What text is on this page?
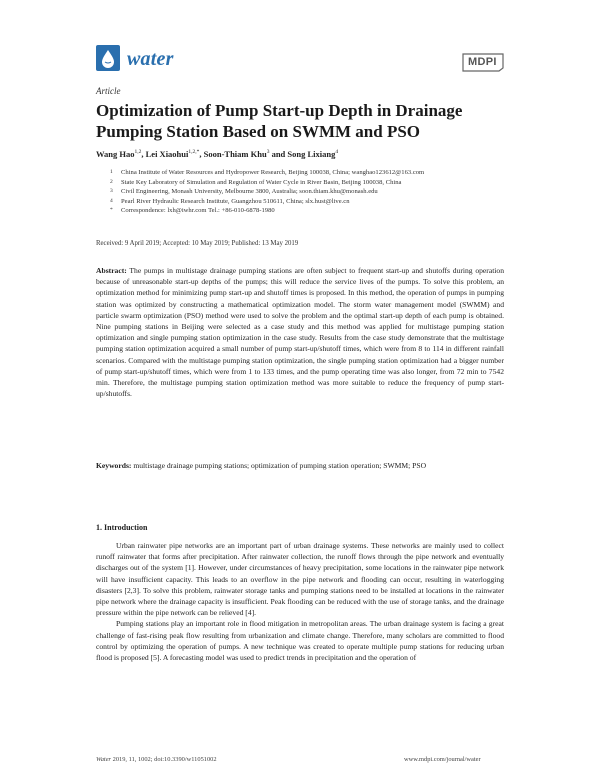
water	MDPI
Article
Optimization of Pump Start-up Depth in Drainage Pumping Station Based on SWMM and PSO
Wang Hao$^{1,2}$, Lei Xiaohui$^{1,2,*}$, Soon-Thiam Khu$^3$ and Song Lixiang$^4$
1 China Institute of Water Resources and Hydropower Research, Beijing 100038, China; wanghao123612@163.com
2 State Key Laboratory of Simulation and Regulation of Water Cycle in River Basin, Beijing 100038, China
3 Civil Engineering, Monash University, Melbourne 3800, Australia; soon.thiam.khu@monash.edu
4 Pearl River Hydraulic Research Institute, Guangzhou 510611, China; slx.hust@live.cn
* Correspondence: lxh@iwhr.com Tel.: +86-010-6878-1980
Received: 9 April 2019; Accepted: 10 May 2019; Published: 13 May 2019
Abstract: The pumps in multistage drainage pumping stations are often subject to frequent start-up and shutoffs during operation because of unreasonable start-up depths of the pumps; this will reduce the service lives of the pumps. To solve this problem, an optimization method for minimizing pump start-up and shutoff times is proposed. In this method, the operation of pumps in pumping station was optimized by constructing a mathematical optimization model. The storm water management model (SWMM) and particle swarm optimization (PSO) method were used to solve the problem and the optimal start-up depth of each pump is obtained. Nine pumping stations in Beijing were selected as a case study and this method was applied for multistage pumping station optimization and single pumping station optimization in the case study. Results from the case study demonstrate that the multistage pumping station optimization acquired a small number of pump start-up/shutoff times, which were from 8 to 114 in different rainfall scenarios. Compared with the multistage pumping station optimization, the single pumping station optimization had a bigger number of pump start-up/shutoff times, which were from 1 to 133 times, and the pump operating time was also longer, from 72 min to 7542 min. Therefore, the multistage pumping station optimization method was more suitable to reduce the frequency of pump start-up/shutoffs.
Keywords: multistage drainage pumping stations; optimization of pumping station operation; SWMM; PSO
1. Introduction

Urban rainwater pipe networks are an important part of urban drainage systems. These networks are mainly used to collect runoff rainwater that forms after precipitation. After rainwater collection, the runoff flows through the pipe network and eventually discharges out of the system [1]. However, under circumstances of heavy precipitation, some locations in the rainwater pipe network will have insufficient capacity. This leads to an overflow in the pipe network and flooding can occur, resulting in waterlogging disasters [2,3]. To solve this problem, rainwater storage tanks and pumping stations need to be installed at locations in the rainwater pipe network where the drainage capacity is insufficient. Peak flooding can be reduced with the use of storage tanks, and the drainage pressure within the pipe network can be relieved [4].

Pumping stations play an important role in flood mitigation in metropolitan areas. The urban drainage system is facing a great challenge of fast-rising peak flow resulting from urbanization and climate change. Therefore, many scholars are committed to flood control by optimizing the operation of pumps. A new technique was created to operate multiple pump stations for reducing urban flood is proposed [5]. A forecasting model was used to predict trends in precipitation and the operation of

Water 2019, 11, 1002; doi:10.3390/w11051002	www.mdpi.com/journal/water
